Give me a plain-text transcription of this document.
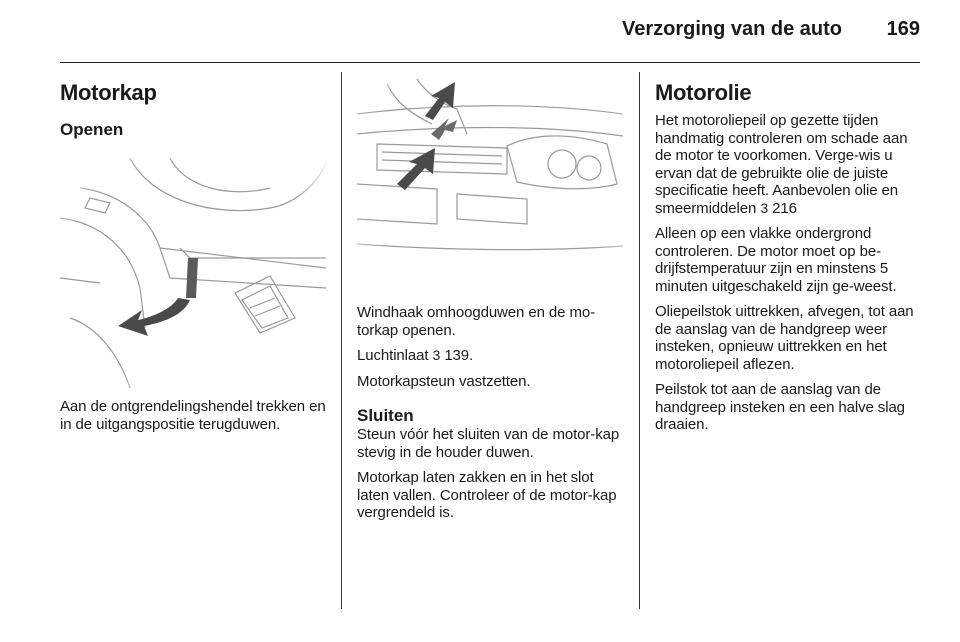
Verzorging van de auto 169
Motorkap
Openen

Aan de ontgrendelingshendel trekken en in de uitgangspositie terugduwen.

Windhaak omhoogduwen en de mo-torkap openen.

Luchtinlaat 3 139.

Motorkapsteun vastzetten.

Sluiten

Steun vóór het sluiten van de motor-kap stevig in de houder duwen.

Motorkap laten zakken en in het slot laten vallen. Controleer of de motor-kap vergrendeld is.

Motorolie

Het motoroliepeil op gezette tijden handmatig controleren om schade aan de motor te voorkomen. Verge-wis u ervan dat de gebruikte olie de juiste specificatie heeft. Aanbevolen olie en smeermiddelen 3 216

Alleen op een vlakke ondergrond controleren. De motor moet op be-drijfstemperatuur zijn en minstens 5 minuten uitgeschakeld zijn ge-weest.

Oliepeilstok uittrekken, afvegen, tot aan de aanslag van de handgreep weer insteken, opnieuw uittrekken en het motoroliepeil aflezen.

Peilstok tot aan de aanslag van de handgreep insteken en een halve slag draaien.
